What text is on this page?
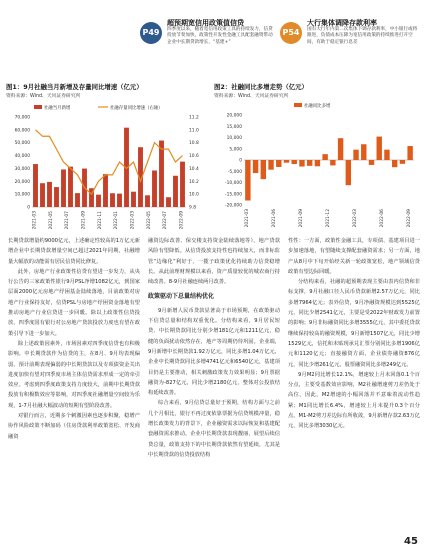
P49
超预期宽信用政策值信贷
四季度以来，随着宽信用政策工具的持续发力，信贷投放节奏加快，政策性开发性金融工具配套融资带动企业中长期贷款增长，“基建+”
P54
大行集体调降存款利率
国有大行年内第二次集体下调存款利率，中小银行或将跟进，负债成本压降为宽信用政策的持续推进打开空间，有助于稳定银行息差
图1：9月社融当月新增及存量同比增速（亿元）
资料来源：Wind、天风证券研究所
社融当月新增	社融存量同比增速（右轴）
0
10,000
20,000
30,000
40,000
50,000
60,000
70,000
9.8
10.0
10.2
10.4
10.6
10.8
11.0
11.2
2021-03	2021-05	2021-07	2021-09	2021-11	2022-01	2022-03	2022-05	2022-07	2022-09
图2：社融同比多增走势（亿元）
资料来源：Wind、天风证券研究所
社融同比多增
20,000
15,000
10,000
5,000
0
-5,000
-10,000
-15,000
-20,000
2021-03	2021-06	2021-09	2021-12	2022-03	2022-06	2022-09

长期贷款增量约9000亿元，上述确定性较高的1万亿元新增企业中长期贷款增量空间已超过2021年同期，社融增量大幅放的动能需有居民信贷同比修复。

此外，房地产行业政策性信贷有望进一步发力，从央行公告的三家政策性银行9月PSL净增1082亿元，到国家层面2000亿元房地产纾困基金陆续落地，目前政策对房地产行业保持友好，信贷PSL与房地产纾困资金落地有望推动房地产行业信贷进一步回暖。除以上政策性信贷投放，四季度国有银行对公房地产贷款投放力度也有望在政策引导下进一步加大。

除上述政策因素外，市场因素对四季度信贷也有积极影响。中长期贷款作为信贷的主，在8月、9月均表现偏弱，预计前期表现偏弱的中长期贷款以及专项债资金关出进度加快有望对四季度市场主体信贷需求形成一定的牵引效应。考虑到四季度政策支持力度较大，前期中长期贷款投放有积极数效应等影响，对四季度社融增量空间较为乐观，1-7月社融大幅波动的短期有望阶段改善。

对银行而言，近期多个刺激因素也逐步积聚，稳增产协作风险政策不断加码（住房贷款利率政策宽松、开发商融资

融资边际改善、保交楼支持资金陆续落地等），地产贷款风险有望降低。从信贷投放支持性也持续加大，而非标监管“边缘化”利好于，一揽子政策优化持续助力信贷稳增长。从此前理财规模以来看，资产质量较优的城农商行持续改善。8-9月社融连续两月改善。

政策驱动下总量结构优化

9月新增人民币贷款显著高于市场预期，在政策驱动下信贷总量和结构双重优化。分结构来看，9月居民短贷、中长期贷款同比分别少增181亿元和1211亿元，稳健的负面扰动依然存在，地产等周期仍待巩固。企业端，9月新增中长期贷款1.92万亿元，同比多增1.04万亿元，企业中长期贷款同比多增4741亿元和6540亿元，基建项目仍是主要推动，相关刺激政策发力效果明显；9月票据融资为-827亿元，同比少增2180亿元，整体对公投放结构延续改善。

综合来看，9月信贷总量好于预期，结构方面与之前几个月相比，银行不再过度依靠票据为信贷规模冲量，稳增长政策发力的背景下，企业融资需求以际恢复和基建配套融资需求推动。企业中长期贷款表现靓丽，展望后续信贷总量，政策支持下的中长期贷款依然有望延续，尤其是中长期贷款的信贷投放结构

性性：一方面，政策性金融工具，专项债、基建项目进一步加速落地，有望随续支撑配套融资需求；另一方面，地产从8月中下旬开始经关新一轮政策宽松，地产领域信贷政策有望边际回暖。

分结构来看，社融的超预期表现主要由表内信贷和非标支撑，9月社融口径人民币贷款新增2.57万亿元，同比多增7964亿元；表外信贷，9月净融资规模达到5525亿元，同比少增2541亿元，主要是受2022年财政发力前置的影响；9月非标融资同比多增3555亿元，其中委托贷款继续保持较高的融资规模，9月新增1507亿元，同比少增1529亿元，信托和未贴现承兑汇票分别同比多增1906亿元和1120亿元；直接融资方面，企业债券融资876亿元，同比少增261亿元，股票融资同比多增249亿元。

9月M2同比增长12.1%，增速较上月末回落0.1个百分点，主要受基数效应影响，M2社融增速剪刀差仍处于高位，因此，M2增速的小幅回落并不意味着流动性趋紧；M1同比增长6.4%，增速较上月末提升0.3个百分点，M1-M2剪刀差边际有所收敛，9月新增存款2.63万亿元，同比多增3030亿元。

45
